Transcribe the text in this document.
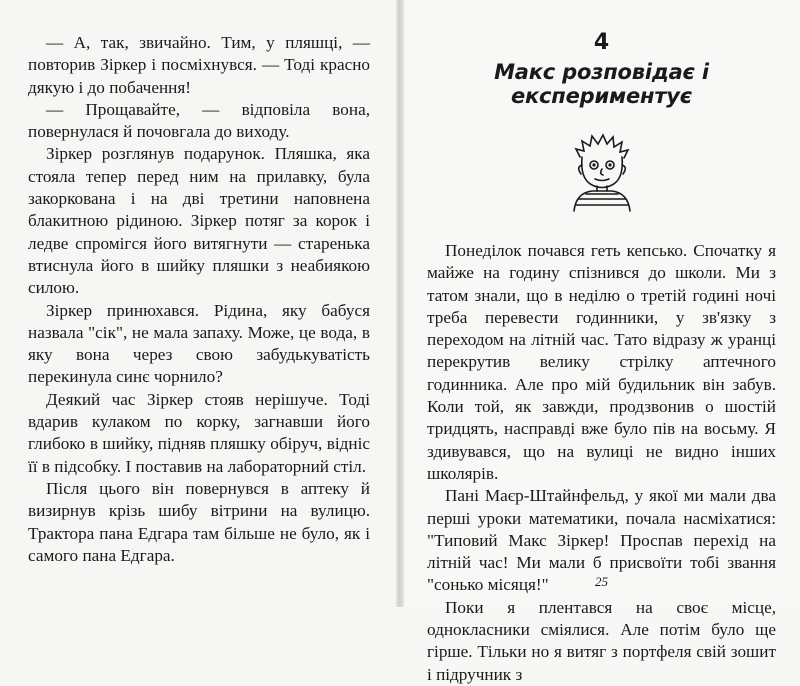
— А, так, звичайно. Тим, у пляшці, — повторив Зіркер і посміхнувся. — Тоді красно дякую і до побачення!

— Прощавайте, — відповіла вона, повернулася й почовгала до виходу.

Зіркер розглянув подарунок. Пляшка, яка стояла тепер перед ним на прилавку, була закоркована і на дві третини наповнена блакитною рідиною. Зіркер потяг за корок і ледве спромігся його витягнути — старенька втиснула його в шийку пляшки з неабиякою силою.

Зіркер принюхався. Рідина, яку бабуся назвала "сік", не мала запаху. Може, це вода, в яку вона через свою забудькуватість перекинула синє чорнило?

Деякий час Зіркер стояв нерішуче. Тоді вдарив кулаком по корку, загнавши його глибоко в шийку, підняв пляшку обіруч, відніс її в підсобку. І поставив на лабораторний стіл.

Після цього він повернувся в аптеку й визирнув крізь шибу вітрини на вулицю. Трактора пана Едгара там більше не було, як і самого пана Едгара.

4
Макс розповідає і експериментує

Понеділок почався геть кепсько. Спочатку я майже на годину спізнився до школи. Ми з татом знали, що в неділю о третій годині ночі треба перевести годинники, у зв'язку з переходом на літній час. Тато відразу ж уранці перекрутив велику стрілку аптечного годинника. Але про мій будильник він забув. Коли той, як завжди, продзвонив о шостій тридцять, насправді вже було пів на восьму. Я здивувався, що на вулиці не видно інших школярів.

Пані Маєр-Штайнфельд, у якої ми мали два перші уроки математики, почала насміхатися: "Типовий Макс Зіркер! Проспав перехід на літній час! Ми мали б присвоїти тобі звання "сонько місяця!"

Поки я плентався на своє місце, однокласники сміялися. Але потім було ще гірше. Тільки но я витяг з портфеля свій зошит і підручник з

25
